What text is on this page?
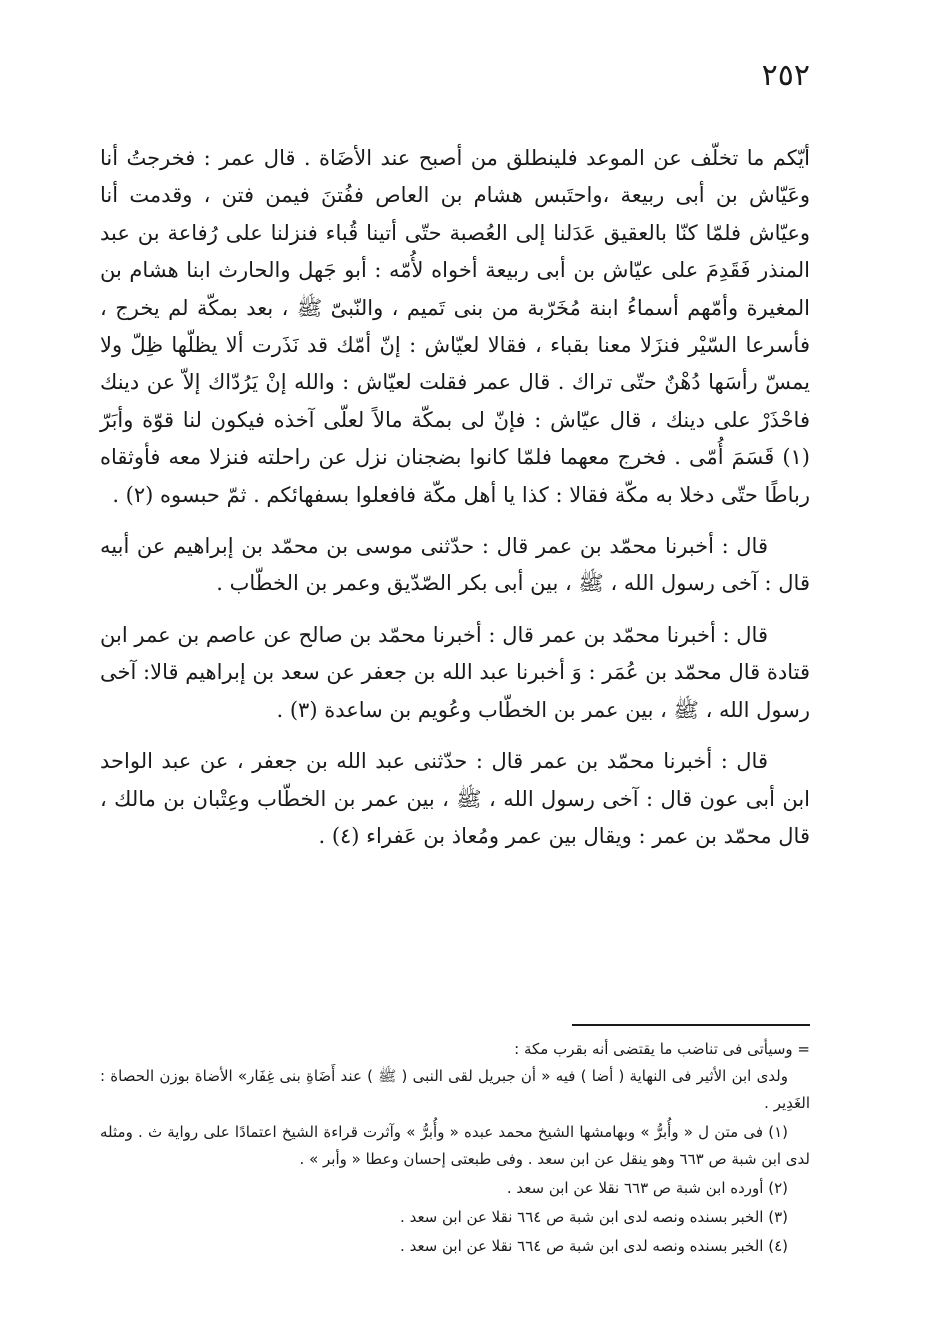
٢٥٢

أيّكم ما تخلّف عن الموعد فلينطلق من أصبح عند الأضَاة . قال عمر : فخرجتُ أنا وعَيّاش بن أبى ربيعة ،واحتَبس هشام بن العاص ففُتنَ فيمن فتن ، وقدمت أنا وعيّاش فلمّا كنّا بالعقيق عَدَلنا إلى العُصبة حتّى أتينا قُباء فنزلنا على رُفاعة بن عبد المنذر فَقَدِمَ على عيّاش بن أبى ربيعة أخواه لأُمّه : أبو جَهل والحارث ابنا هشام بن المغيرة وأمّهم أسماءُ ابنة مُخَرّبة من بنى تَميم ، والنّبىّ ﷺ ، بعد بمكّة لم يخرج ، فأسرعا السّيْر فنزَلا معنا بقباء ، فقالا لعيّاش : إنّ أمّك قد نَذَرت ألا يظلّها ظِلّ ولا يمسّ رأسَها دُهْنٌ حتّى تراك . قال عمر فقلت لعيّاش : والله إنْ يَرُدّاك إلاّ عن دينك فاحْذَرْ على دينك ، قال عيّاش : فإنّ لى بمكّة مالاً لعلّى آخذه فيكون لنا قوّة وأبَرّ (١) قَسَمَ أُمّى . فخرج معهما فلمّا كانوا بضجنان نزل عن راحلته فنزلا معه فأوثقاه رباطًا حتّى دخلا به مكّة فقالا : كذا يا أهل مكّة فافعلوا بسفهائكم . ثمّ حبسوه (٢) .

قال : أخبرنا محمّد بن عمر قال : حدّثنى موسى بن محمّد بن إبراهيم عن أبيه قال : آخى رسول الله ، ﷺ ، بين أبى بكر الصّدّيق وعمر بن الخطّاب .

قال : أخبرنا محمّد بن عمر قال : أخبرنا محمّد بن صالح عن عاصم بن عمر ابن قتادة قال محمّد بن عُمَر : وَ أخبرنا عبد الله بن جعفر عن سعد بن إبراهيم قالا: آخى رسول الله ، ﷺ ، بين عمر بن الخطّاب وعُويم بن ساعدة (٣) .

قال : أخبرنا محمّد بن عمر قال : حدّثنى عبد الله بن جعفر ، عن عبد الواحد ابن أبى عون قال : آخى رسول الله ، ﷺ ، بين عمر بن الخطّاب وعِتْبان بن مالك ، قال محمّد بن عمر : ويقال بين عمر ومُعاذ بن عَفراء (٤) .

= وسيأتى فى تناضب ما يقتضى أنه بقرب مكة :

ولدى ابن الأثير فى النهاية ( أضا ) فيه « أن جبريل لقى النبى ( ﷺ ) عند أَضَاةِ بنى غِفَار» الأضاة بوزن الحصاة : الغَدِير .

(١) فى متن ل « وأُبرُّ » وبهامشها الشيخ محمد عبده « وأُبرُّ » وآثرت قراءة الشيخ اعتمادًا على رواية ث . ومثله لدى ابن شبة ص ٦٦٣ وهو ينقل عن ابن سعد . وفى طبعتى إحسان وعطا « وأبر » .

(٢) أورده ابن شبة ص ٦٦٣ نقلا عن ابن سعد .

(٣) الخبر بسنده ونصه لدى ابن شبة ص ٦٦٤ نقلا عن ابن سعد .

(٤) الخبر بسنده ونصه لدى ابن شبة ص ٦٦٤ نقلا عن ابن سعد .
